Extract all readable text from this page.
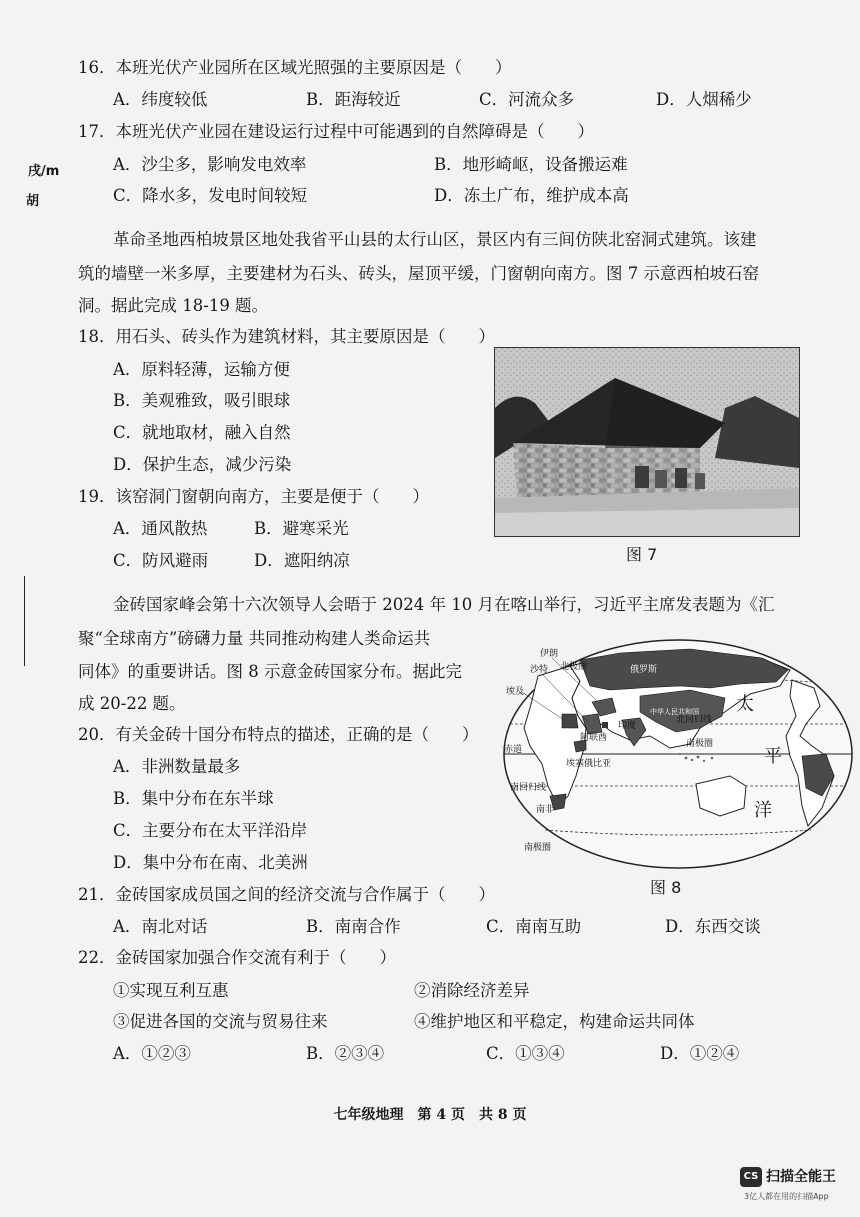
戌/m
胡
16．本班光伏产业园所在区域光照强的主要原因是（　　）
A．纬度较低	B．距海较近	C．河流众多	D．人烟稀少
17．本班光伏产业园在建设运行过程中可能遇到的自然障碍是（　　）
A．沙尘多，影响发电效率	B．地形崎岖，设备搬运难
C．降水多，发电时间较短	D．冻土广布，维护成本高
革命圣地西柏坡景区地处我省平山县的太行山区，景区内有三间仿陕北窑洞式建筑。该建
筑的墙壁一米多厚，主要建材为石头、砖头，屋顶平缓，门窗朝向南方。图 7 示意西柏坡石窑
洞。据此完成 18-19 题。
18．用石头、砖头作为建筑材料，其主要原因是（　　）
A．原料轻薄，运输方便
B．美观雅致，吸引眼球
C．就地取材，融入自然
D．保护生态，减少污染
图 7
19．该窑洞门窗朝向南方，主要是便于（　　）
A．通风散热	B．避寒采光
C．防风避雨	D．遮阳纳凉
金砖国家峰会第十六次领导人会晤于 2024 年 10 月在喀山举行，习近平主席发表题为《汇
聚“全球南方”磅礴力量 共同推动构建人类命运共
同体》的重要讲话。图 8 示意金砖国家分布。据此完
成 20-22 题。
20．有关金砖十国分布特点的描述，正确的是（　　）
A．非洲数量最多
B．集中分布在东半球
C．主要分布在太平洋沿岸
D．集中分布在南、北美洲
伊朗
北极圈
沙特	俄罗斯
埃及
中华人民共和国
北回归线
阿联酋
印度
赤道
埃塞俄比亚
南极圈
南回归线
南非
南极圈
太
平
洋
图 8
21．金砖国家成员国之间的经济交流与合作属于（　　）
A．南北对话	B．南南合作	C．南南互助	D．东西交谈
22．金砖国家加强合作交流有利于（　　）
①实现互利互惠	②消除经济差异
③促进各国的交流与贸易往来	④维护地区和平稳定，构建命运共同体
A．①②③	B．②③④	C．①③④	D．①②④
七年级地理　第 4 页　共 8 页
CS 扫描全能王
3亿人都在用的扫描App
